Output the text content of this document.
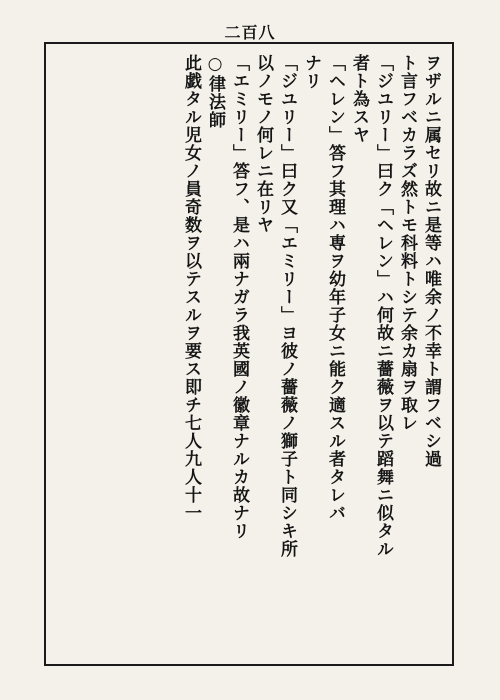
二百八
ヲザルニ属セリ故ニ是等ハ唯余ノ不幸ト謂フベシ過
ト言フベカラズ然トモ科料トシテ余カ扇ヲ取レ
「ジユリー」曰ク「ヘレン」ハ何故ニ薔薇ヲ以テ蹈舞ニ似タル
者ト為スヤ
「ヘレン」答フ其理ハ専ヲ幼年子女ニ能ク適スル者タレバ
ナリ
「ジユリー」曰ク又「エミリー」ヨ彼ノ薔薇ノ獅子ト同シキ所
以ノモノ何レニ在リヤ
「エミリー」答フ、是ハ兩ナガラ我英國ノ徽章ナルカ故ナリ
○律法師
此戯タル児女ノ員奇数ヲ以テスルヲ要ス即チ七人九人十一
